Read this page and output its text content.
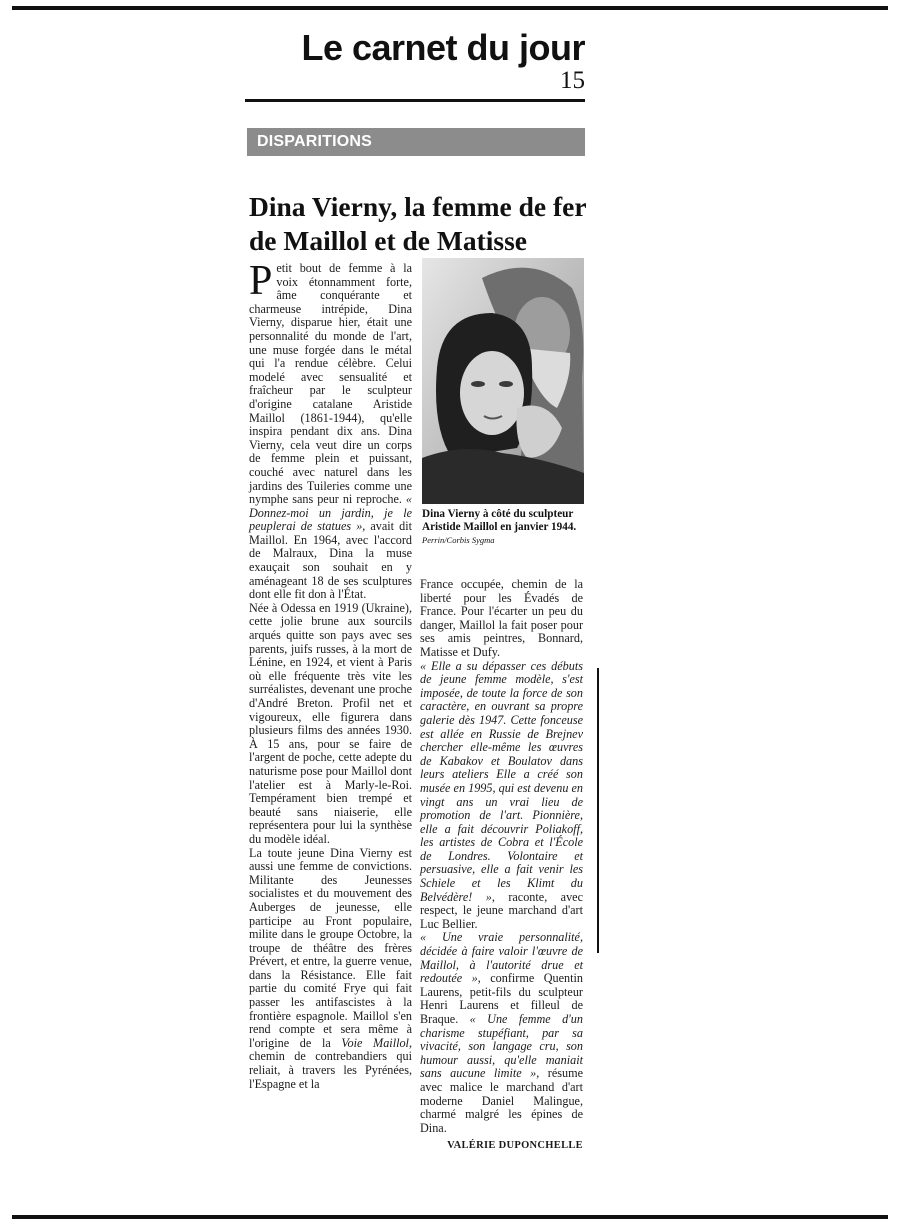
Le carnet du jour
15
DISPARITIONS
Dina Vierny, la femme de fer de Maillol et de Matisse

Petit bout de femme à la voix étonnamment forte, âme conquérante et charmeuse intrépide, Dina Vierny, disparue hier, était une personnalité du monde de l'art, une muse forgée dans le métal qui l'a rendue célèbre. Celui modelé avec sensualité et fraîcheur par le sculpteur d'origine catalane Aristide Maillol (1861-1944), qu'elle inspira pendant dix ans. Dina Vierny, cela veut dire un corps de femme plein et puissant, couché avec naturel dans les jardins des Tuileries comme une nymphe sans peur ni reproche. « Donnez-moi un jardin, je le peuplerai de statues », avait dit Maillol. En 1964, avec l'accord de Malraux, Dina la muse exauçait son souhait en y aménageant 18 de ses sculptures dont elle fit don à l'État.

Née à Odessa en 1919 (Ukraine), cette jolie brune aux sourcils arqués quitte son pays avec ses parents, juifs russes, à la mort de Lénine, en 1924, et vient à Paris où elle fréquente très vite les surréalistes, devenant une proche d'André Breton. Profil net et vigoureux, elle figurera dans plusieurs films des années 1930. À 15 ans, pour se faire de l'argent de poche, cette adepte du naturisme pose pour Maillol dont l'atelier est à Marly-le-Roi. Tempérament bien trempé et beauté sans niaiserie, elle représentera pour lui la synthèse du modèle idéal.

La toute jeune Dina Vierny est aussi une femme de convictions. Militante des Jeunesses socialistes et du mouvement des Auberges de jeunesse, elle participe au Front populaire, milite dans le groupe Octobre, la troupe de théâtre des frères Prévert, et entre, la guerre venue, dans la Résistance. Elle fait partie du comité Frye qui fait passer les antifascistes à la frontière espagnole. Maillol s'en rend compte et sera même à l'origine de la Voie Maillol, chemin de contrebandiers qui reliait, à travers les Pyrénées, l'Espagne et la

Dina Vierny à côté du sculpteur Aristide Maillol en janvier 1944. Perrin/Corbis Sygma

France occupée, chemin de la liberté pour les Évadés de France. Pour l'écarter un peu du danger, Maillol la fait poser pour ses amis peintres, Bonnard, Matisse et Dufy.

« Elle a su dépasser ces débuts de jeune femme modèle, s'est imposée, de toute la force de son caractère, en ouvrant sa propre galerie dès 1947. Cette fonceuse est allée en Russie de Brejnev chercher elle-même les œuvres de Kabakov et Boulatov dans leurs ateliers Elle a créé son musée en 1995, qui est devenu en vingt ans un vrai lieu de promotion de l'art. Pionnière, elle a fait découvrir Poliakoff, les artistes de Cobra et l'École de Londres. Volontaire et persuasive, elle a fait venir les Schiele et les Klimt du Belvédère! », raconte, avec respect, le jeune marchand d'art Luc Bellier.

« Une vraie personnalité, décidée à faire valoir l'œuvre de Maillol, à l'autorité drue et redoutée », confirme Quentin Laurens, petit-fils du sculpteur Henri Laurens et filleul de Braque. « Une femme d'un charisme stupéfiant, par sa vivacité, son langage cru, son humour aussi, qu'elle maniait sans aucune limite », résume avec malice le marchand d'art moderne Daniel Malingue, charmé malgré les épines de Dina.

VALÉRIE DUPONCHELLE
